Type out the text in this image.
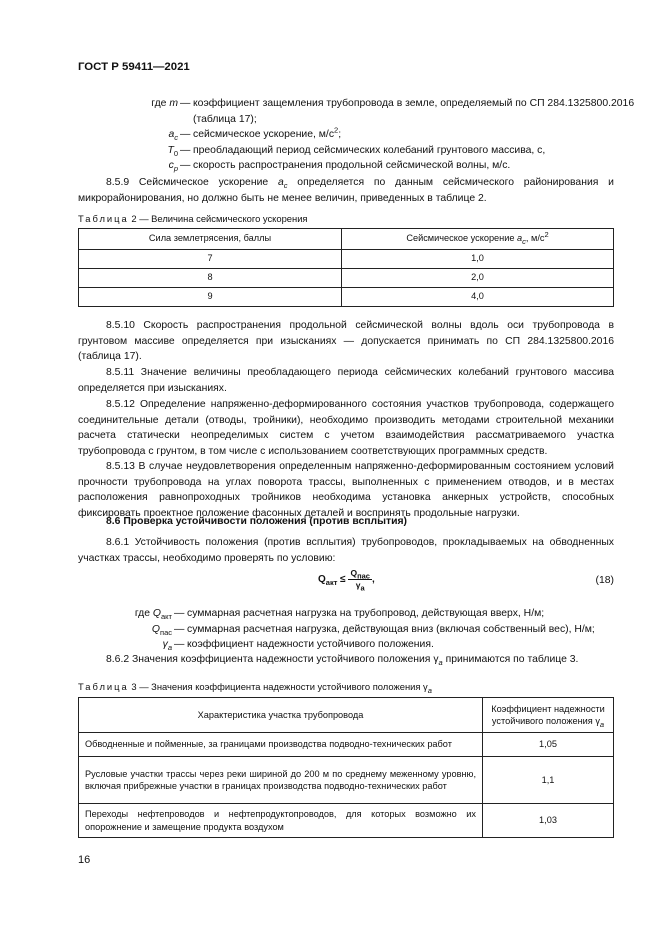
ГОСТ Р 59411—2021
где m — коэффициент защемления трубопровода в земле, определяемый по СП 284.1325800.2016
(таблица 17);
$a_c$ — сейсмическое ускорение, $м/с^2$;
$T_0$ — преобладающий период сейсмических колебаний грунтового массива, с,
$c_p$ — скорость распространения продольной сейсмической волны, м/с.
8.5.9 Сейсмическое ускорение $a_c$ определяется по данным сейсмического районирования и микрорайонирования, но должно быть не менее величин, приведенных в таблице 2.
Таблица 2 — Величина сейсмического ускорения
Сила землетрясения, баллы	Сейсмическое ускорение $a_c$, $м/с^2$
7	1,0
8	2,0
9	4,0
8.5.10 Скорость распространения продольной сейсмической волны вдоль оси трубопровода в грунтовом массиве определяется при изысканиях — допускается принимать по СП 284.1325800.2016 (таблица 17).
8.5.11 Значение величины преобладающего периода сейсмических колебаний грунтового массива определяется при изысканиях.
8.5.12 Определение напряженно-деформированного состояния участков трубопровода, содержащего соединительные детали (отводы, тройники), необходимо производить методами строительной механики расчета статически неопределимых систем с учетом взаимодействия рассматриваемого участка трубопровода с грунтом, в том числе с использованием соответствующих программных средств.
8.5.13 В случае неудовлетворения определенным напряженно-деформированным состоянием условий прочности трубопровода на углах поворота трассы, выполненных с применением отводов, и в местах расположения равнопроходных тройников необходима установка анкерных устройств, способных фиксировать проектное положение фасонных деталей и воспринять продольные нагрузки.
8.6 Проверка устойчивости положения (против всплытия)
8.6.1 Устойчивость положения (против всплытия) трубопроводов, прокладываемых на обводненных участках трассы, необходимо проверять по условию:
$Q_{акт} \le \frac{Q_{пас}}{\gamma_а}$ ,	(18)
где $Q_{акт}$ — суммарная расчетная нагрузка на трубопровод, действующая вверх, Н/м;
$Q_{пас}$ — суммарная расчетная нагрузка, действующая вниз (включая собственный вес), Н/м;
$\gamma_a$ — коэффициент надежности устойчивого положения.
8.6.2 Значения коэффициента надежности устойчивого положения $\gamma_a$ принимаются по таблице 3.
Таблица 3 — Значения коэффициента надежности устойчивого положения $\gamma_a$
Характеристика участка трубопровода	Коэффициент надежности устойчивого положения $\gamma_a$
Обводненные и пойменные, за границами производства подводно-технических работ	1,05
Русловые участки трассы через реки шириной до 200 м по среднему меженному уровню, включая прибрежные участки в границах производства подводно-технических работ	1,1
Переходы нефтепроводов и нефтепродуктопроводов, для которых возможно их опорожнение и замещение продукта воздухом	1,03
16
